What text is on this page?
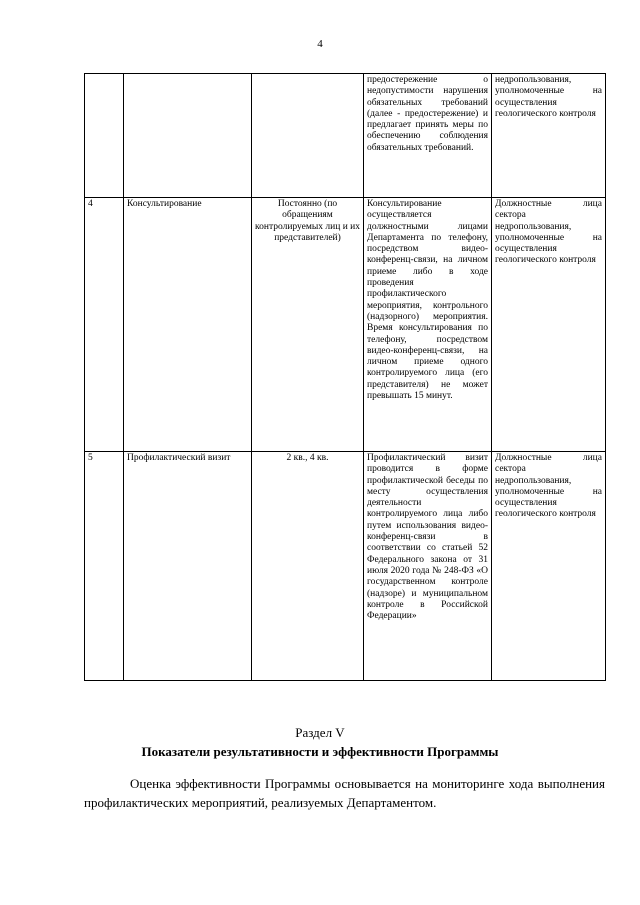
4
			предостережение о недопустимости нарушения обязательных требований (далее - предостережение) и предлагает принять меры по обеспечению соблюдения обязательных требований.	недропользования, уполномоченные на осуществления геологического контроля
4	Консультирование	Постоянно (по обращениям контролируемых лиц и их представителей)	Консультирование осуществляется должностными лицами Департамента по телефону, посредством видео-конференц-связи, на личном приеме либо в ходе проведения профилактического мероприятия, контрольного (надзорного) мероприятия. Время консультирования по телефону, посредством видео-конференц-связи, на личном приеме одного контролируемого лица (его представителя) не может превышать 15 минут.	Должностные лица сектора недропользования, уполномоченные на осуществления геологического контроля
5	Профилактический визит	2 кв., 4 кв.	Профилактический визит проводится в форме профилактической беседы по месту осуществления деятельности контролируемого лица либо путем использования видео-конференц-связи в соответствии со статьей 52 Федерального закона от 31 июля 2020 года № 248-ФЗ «О государственном контроле (надзоре) и муниципальном контроле в Российской Федерации»	Должностные лица сектора недропользования, уполномоченные на осуществления геологического контроля
Раздел V
Показатели результативности и эффективности Программы

Оценка эффективности Программы основывается на мониторинге хода выполнения профилактических мероприятий, реализуемых Департаментом.
